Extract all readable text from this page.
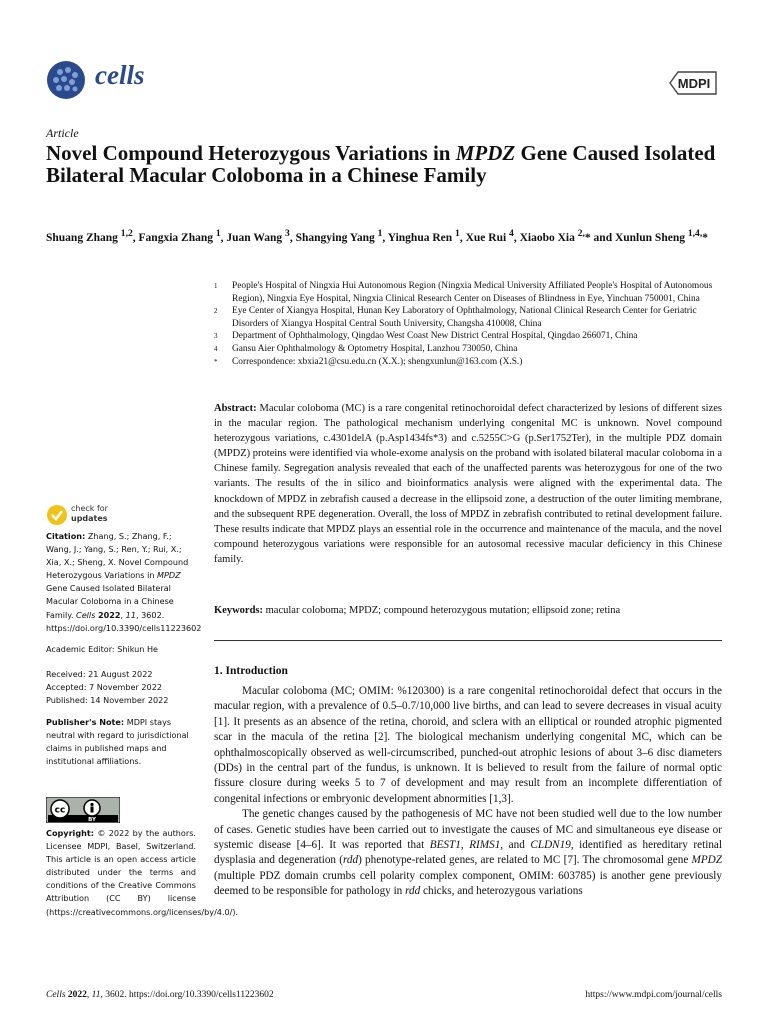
cells	MDPI
Article
Novel Compound Heterozygous Variations in MPDZ Gene Caused Isolated Bilateral Macular Coloboma in a Chinese Family
Shuang Zhang $^{1,2}$, Fangxia Zhang $^1$, Juan Wang $^3$, Shangying Yang $^1$, Yinghua Ren $^1$, Xue Rui $^4$, Xiaobo Xia $^{2,}$* and Xunlun Sheng $^{1,4,}$*
1	People's Hospital of Ningxia Hui Autonomous Region (Ningxia Medical University Affiliated People's Hospital of Autonomous Region), Ningxia Eye Hospital, Ningxia Clinical Research Center on Diseases of Blindness in Eye, Yinchuan 750001, China
2	Eye Center of Xiangya Hospital, Hunan Key Laboratory of Ophthalmology, National Clinical Research Center for Geriatric Disorders of Xiangya Hospital Central South University, Changsha 410008, China
3	Department of Ophthalmology, Qingdao West Coast New District Central Hospital, Qingdao 266071, China
4	Gansu Aier Ophthalmology & Optometry Hospital, Lanzhou 730050, China
*	Correspondence: xbxia21@csu.edu.cn (X.X.); shengxunlun@163.com (X.S.)
Abstract: Macular coloboma (MC) is a rare congenital retinochoroidal defect characterized by lesions of different sizes in the macular region. The pathological mechanism underlying congenital MC is unknown. Novel compound heterozygous variations, c.4301delA (p.Asp1434fs*3) and c.5255C>G (p.Ser1752Ter), in the multiple PDZ domain (MPDZ) proteins were identified via whole-exome analysis on the proband with isolated bilateral macular coloboma in a Chinese family. Segregation analysis revealed that each of the unaffected parents was heterozygous for one of the two variants. The results of the in silico and bioinformatics analysis were aligned with the experimental data. The knockdown of MPDZ in zebrafish caused a decrease in the ellipsoid zone, a destruction of the outer limiting membrane, and the subsequent RPE degeneration. Overall, the loss of MPDZ in zebrafish contributed to retinal development failure. These results indicate that MPDZ plays an essential role in the occurrence and maintenance of the macula, and the novel compound heterozygous variations were responsible for an autosomal recessive macular deficiency in this Chinese family.
Keywords: macular coloboma; MPDZ; compound heterozygous mutation; ellipsoid zone; retina
1. Introduction

Macular coloboma (MC; OMIM: %120300) is a rare congenital retinochoroidal defect that occurs in the macular region, with a prevalence of 0.5–0.7/10,000 live births, and can lead to severe decreases in visual acuity [1]. It presents as an absence of the retina, choroid, and sclera with an elliptical or rounded atrophic pigmented scar in the macula of the retina [2]. The biological mechanism underlying congenital MC, which can be ophthalmoscopically observed as well-circumscribed, punched-out atrophic lesions of about 3–6 disc diameters (DDs) in the central part of the fundus, is unknown. It is believed to result from the failure of normal optic fissure closure during weeks 5 to 7 of development and may result from an incomplete differentiation of congenital infections or embryonic development abnormities [1,3].

The genetic changes caused by the pathogenesis of MC have not been studied well due to the low number of cases. Genetic studies have been carried out to investigate the causes of MC and simultaneous eye disease or systemic disease [4–6]. It was reported that BEST1, RIMS1, and CLDN19, identified as hereditary retinal dysplasia and degeneration (rdd) phenotype-related genes, are related to MC [7]. The chromosomal gene MPDZ (multiple PDZ domain crumbs cell polarity complex component, OMIM: 603785) is another gene previously deemed to be responsible for pathology in rdd chicks, and heterozygous variations

check for
updates

Citation: Zhang, S.; Zhang, F.; Wang, J.; Yang, S.; Ren, Y.; Rui, X.; Xia, X.; Sheng, X. Novel Compound Heterozygous Variations in MPDZ Gene Caused Isolated Bilateral Macular Coloboma in a Chinese Family. Cells 2022, 11, 3602. https://doi.org/10.3390/cells11223602

Academic Editor: Shikun He

Received: 21 August 2022
Accepted: 7 November 2022
Published: 14 November 2022

Publisher's Note: MDPI stays neutral with regard to jurisdictional claims in published maps and institutional affiliations.

cc
BY
Copyright: © 2022 by the authors. Licensee MDPI, Basel, Switzerland. This article is an open access article distributed under the terms and conditions of the Creative Commons Attribution (CC BY) license (https://creativecommons.org/licenses/by/4.0/).
Cells 2022, 11, 3602. https://doi.org/10.3390/cells11223602	https://www.mdpi.com/journal/cells
